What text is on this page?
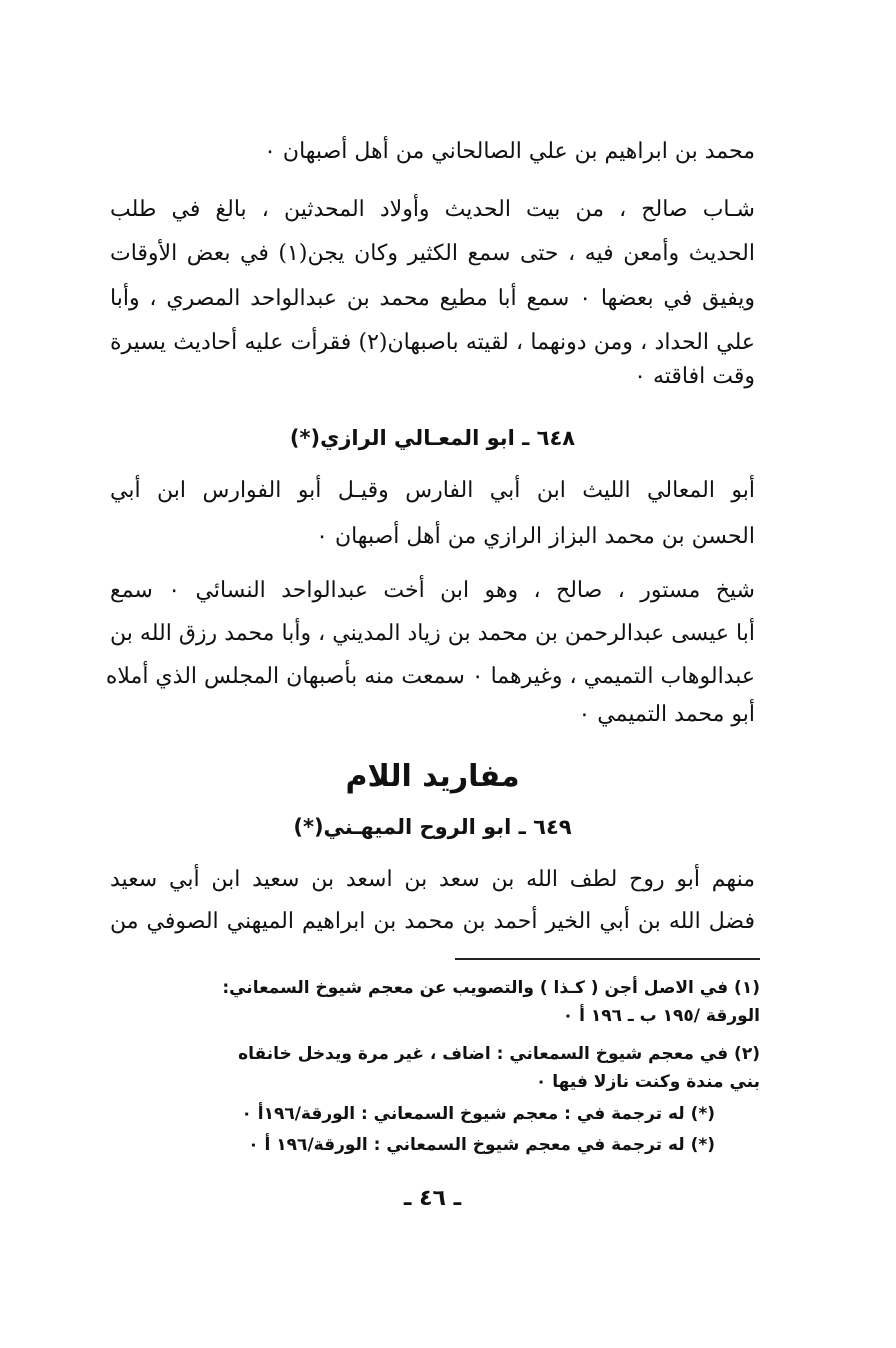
محمد بن ابراهيم بن علي الصالحاني من أهل أصبهان ٠
شـاب صالح ، من بيت الحديث وأولاد المحدثين ، بالغ في طلب
الحديث وأمعن فيه ، حتى سمع الكثير وكان يجن(١) في بعض الأوقات
ويفيق في بعضها ٠ سمع أبا مطيع محمد بن عبدالواحد المصري ، وأبا
علي الحداد ، ومن دونهما ، لقيته باصبهان(٢) فقرأت عليه أحاديث يسيرة
وقت افاقته ٠
٦٤٨ ـ ابو المعـالي الرازي(*)
أبو المعالي الليث ابن أبي الفارس وقيـل أبو الفوارس ابن أبي
الحسن بن محمد البزاز الرازي من أهل أصبهان ٠
شيخ مستور ، صالح ، وهو ابن أخت عبدالواحد النسائي ٠ سمع
أبا عيسى عبدالرحمن بن محمد بن زياد المديني ، وأبا محمد رزق الله بن
عبدالوهاب التميمي ، وغيرهما ٠ سمعت منه بأصبهان المجلس الذي أملاه
أبو محمد التميمي ٠
مفاريد اللام
٦٤٩ ـ ابو الروح الميهـني(*)
منهم أبو روح لطف الله بن سعد بن اسعد بن سعيد ابن أبي سعيد
فضل الله بن أبي الخير أحمد بن محمد بن ابراهيم الميهني الصوفي من
(١) في الاصل أجن ( كـذا ) والتصويب عن معجم شيوخ السمعاني:
الورقة /١٩٥ ب ـ ١٩٦ أ ٠
(٢) في معجم شيوخ السمعاني : اضاف ، غير مرة ويدخل خانقاه
بني مندة وكنت نازلا فيها ٠
(*) له ترجمة في : معجم شيوخ السمعاني : الورقة/١٩٦أ ٠
(*) له ترجمة في معجم شيوخ السمعاني : الورقة/١٩٦ أ ٠
ـ ٤٦ ـ
